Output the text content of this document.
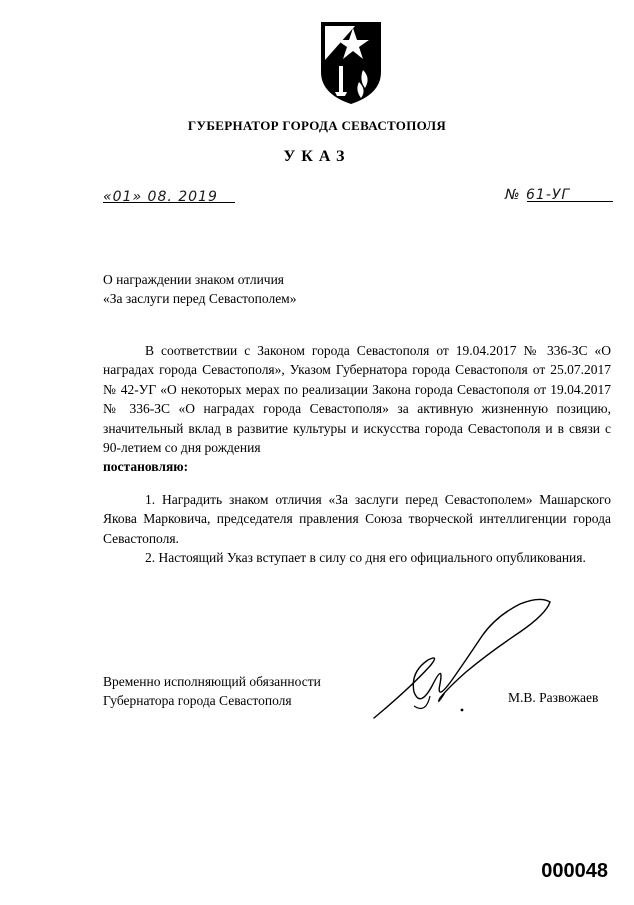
ГУБЕРНАТОР ГОРОДА СЕВАСТОПОЛЯ
УКАЗ
«01» 08. 2019	№ 61-УГ
О награждении знаком отличия
«За заслуги перед Севастополем»

В соответствии с Законом города Севастополя от 19.04.2017 № 336-ЗС «О наградах города Севастополя», Указом Губернатора города Севастополя от 25.07.2017 № 42-УГ «О некоторых мерах по реализации Закона города Севастополя от 19.04.2017 № 336-ЗС «О наградах города Севастополя» за активную жизненную позицию, значительный вклад в развитие культуры и искусства города Севастополя и в связи с 90-летием со дня рождения

постановляю:

1. Наградить знаком отличия «За заслуги перед Севастополем» Машарского Якова Марковича, председателя правления Союза творческой интеллигенции города Севастополя.

2. Настоящий Указ вступает в силу со дня его официального опубликования.

Временно исполняющий обязанности
Губернатора города Севастополя	М.В. Развожаев
000048
